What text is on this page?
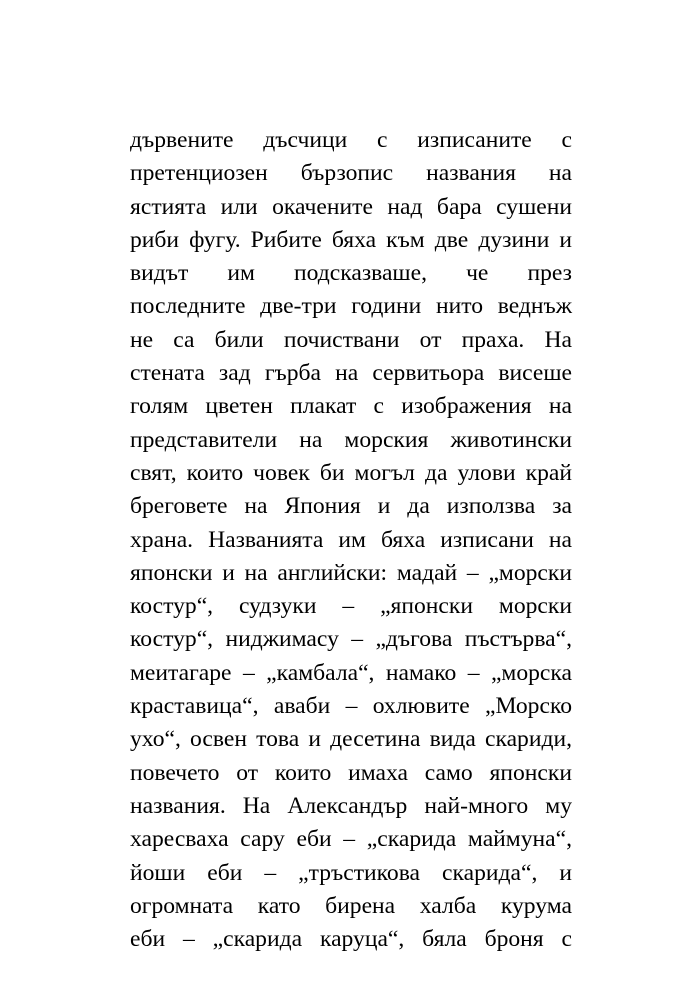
дървените дъсчици с изписаните с
претенциозен бързопис названия на
ястията или окачените над бара сушени
риби фугу. Рибите бяха към две дузини и
видът им подсказваше, че през
последните две-три години нито веднъж
не са били почиствани от праха. На
стената зад гърба на сервитьора висеше
голям цветен плакат с изображения на
представители на морския животински
свят, които човек би могъл да улови край
бреговете на Япония и да използва за
храна. Названията им бяха изписани на
японски и на английски: мадай – „морски
костур“, судзуки – „японски морски
костур“, ниджимасу – „дъгова пъстърва“,
меитагаре – „камбала“, намако – „морска
краставица“, аваби – охлювите „Морско
ухо“, освен това и десетина вида скариди,
повечето от които имаха само японски
названия. На Александър най-много му
харесваха сару еби – „скарида маймуна“,
йоши еби – „тръстикова скарида“, и
огромната като бирена халба курума
еби – „скарида каруца“, бяла броня с
